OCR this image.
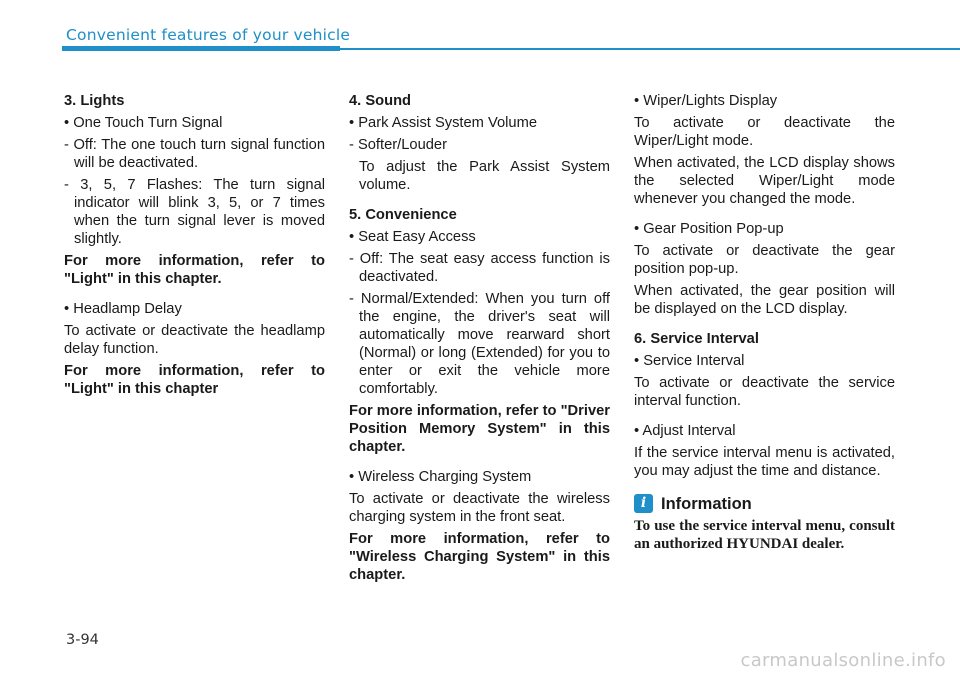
Convenient features of your vehicle

3. Lights

• One Touch Turn Signal

- Off: The one touch turn signal function will be deactivated.

- 3, 5, 7 Flashes: The turn signal indicator will blink 3, 5, or 7 times when the turn signal lever is moved slightly.

For more information, refer to "Light" in this chapter.

• Headlamp Delay

To activate or deactivate the headlamp delay function.

For more information, refer to "Light" in this chapter

4. Sound

• Park Assist System Volume

- Softer/Louder

To adjust the Park Assist System volume.

5. Convenience

• Seat Easy Access

- Off: The seat easy access function is deactivated.

- Normal/Extended: When you turn off the engine, the driver's seat will automatically move rearward short (Normal) or long (Extended) for you to enter or exit the vehicle more comfortably.

For more information, refer to "Driver Position Memory System" in this chapter.

• Wireless Charging System

To activate or deactivate the wireless charging system in the front seat.

For more information, refer to "Wireless Charging System" in this chapter.

• Wiper/Lights Display

To activate or deactivate the Wiper/Light mode.

When activated, the LCD display shows the selected Wiper/Light mode whenever you changed the mode.

• Gear Position Pop-up

To activate or deactivate the gear position pop-up.

When activated, the gear position will be displayed on the LCD display.

6. Service Interval

• Service Interval

To activate or deactivate the service interval function.

• Adjust Interval

If the service interval menu is activated, you may adjust the time and distance.

i Information

To use the service interval menu, consult an authorized HYUNDAI dealer.

3-94
carmanualsonline.info
